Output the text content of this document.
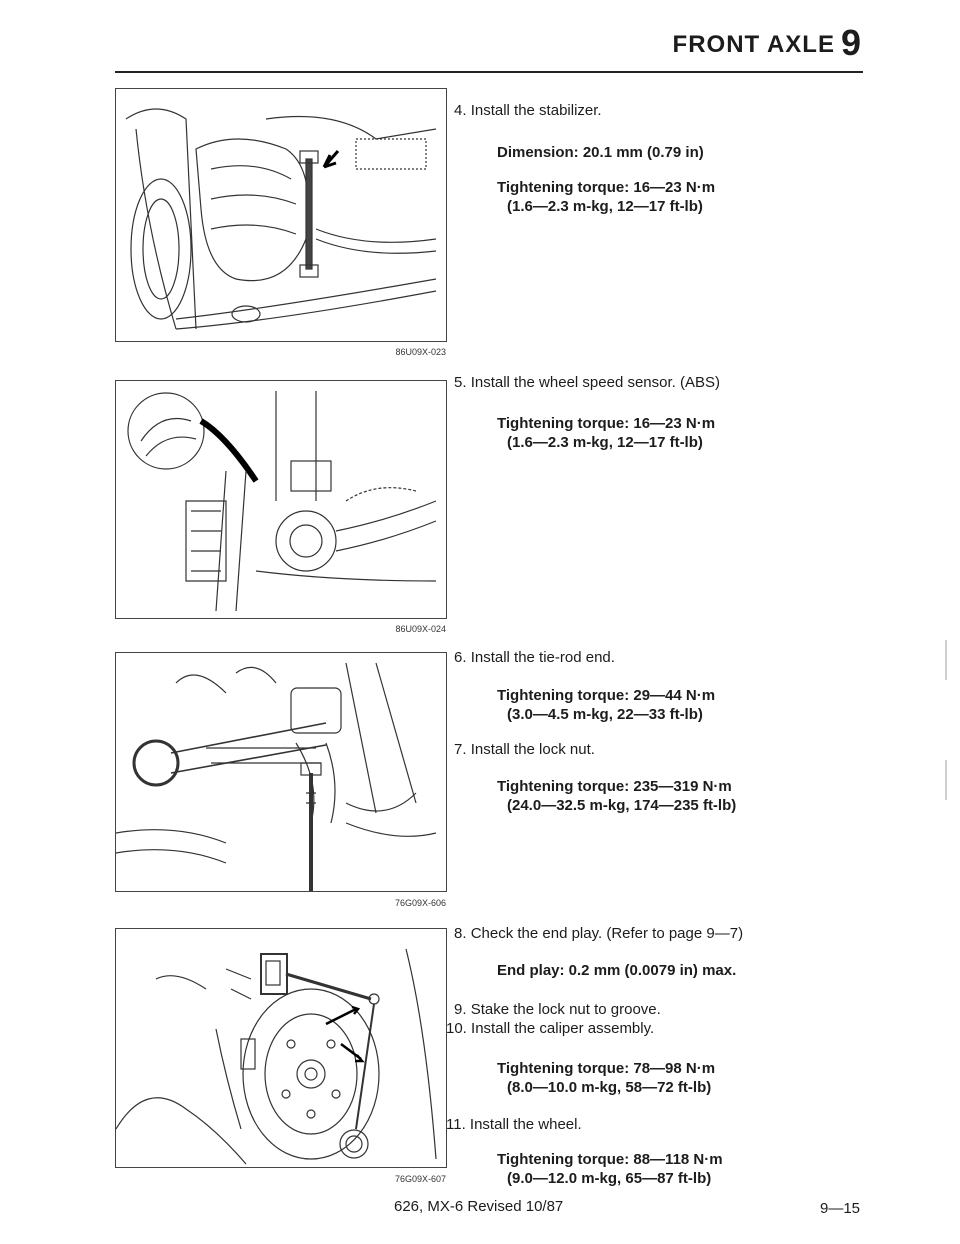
FRONT AXLE 9
86U09X-023
86U09X-024
76G09X-606
76G09X-607
4. Install the stabilizer.
Dimension: 20.1 mm (0.79 in)
Tightening torque: 16—23 N·m
(1.6—2.3 m-kg, 12—17 ft-lb)
5. Install the wheel speed sensor. (ABS)
Tightening torque: 16—23 N·m
(1.6—2.3 m-kg, 12—17 ft-lb)
6. Install the tie-rod end.
Tightening torque: 29—44 N·m
(3.0—4.5 m-kg, 22—33 ft-lb)
7. Install the lock nut.
Tightening torque: 235—319 N·m
(24.0—32.5 m-kg, 174—235 ft-lb)
8. Check the end play. (Refer to page 9—7)
End play: 0.2 mm (0.0079 in) max.
9. Stake the lock nut to groove.
10. Install the caliper assembly.
Tightening torque: 78—98 N·m
(8.0—10.0 m-kg, 58—72 ft-lb)
11. Install the wheel.
Tightening torque: 88—118 N·m
(9.0—12.0 m-kg, 65—87 ft-lb)
626, MX-6 Revised 10/87	9—15
